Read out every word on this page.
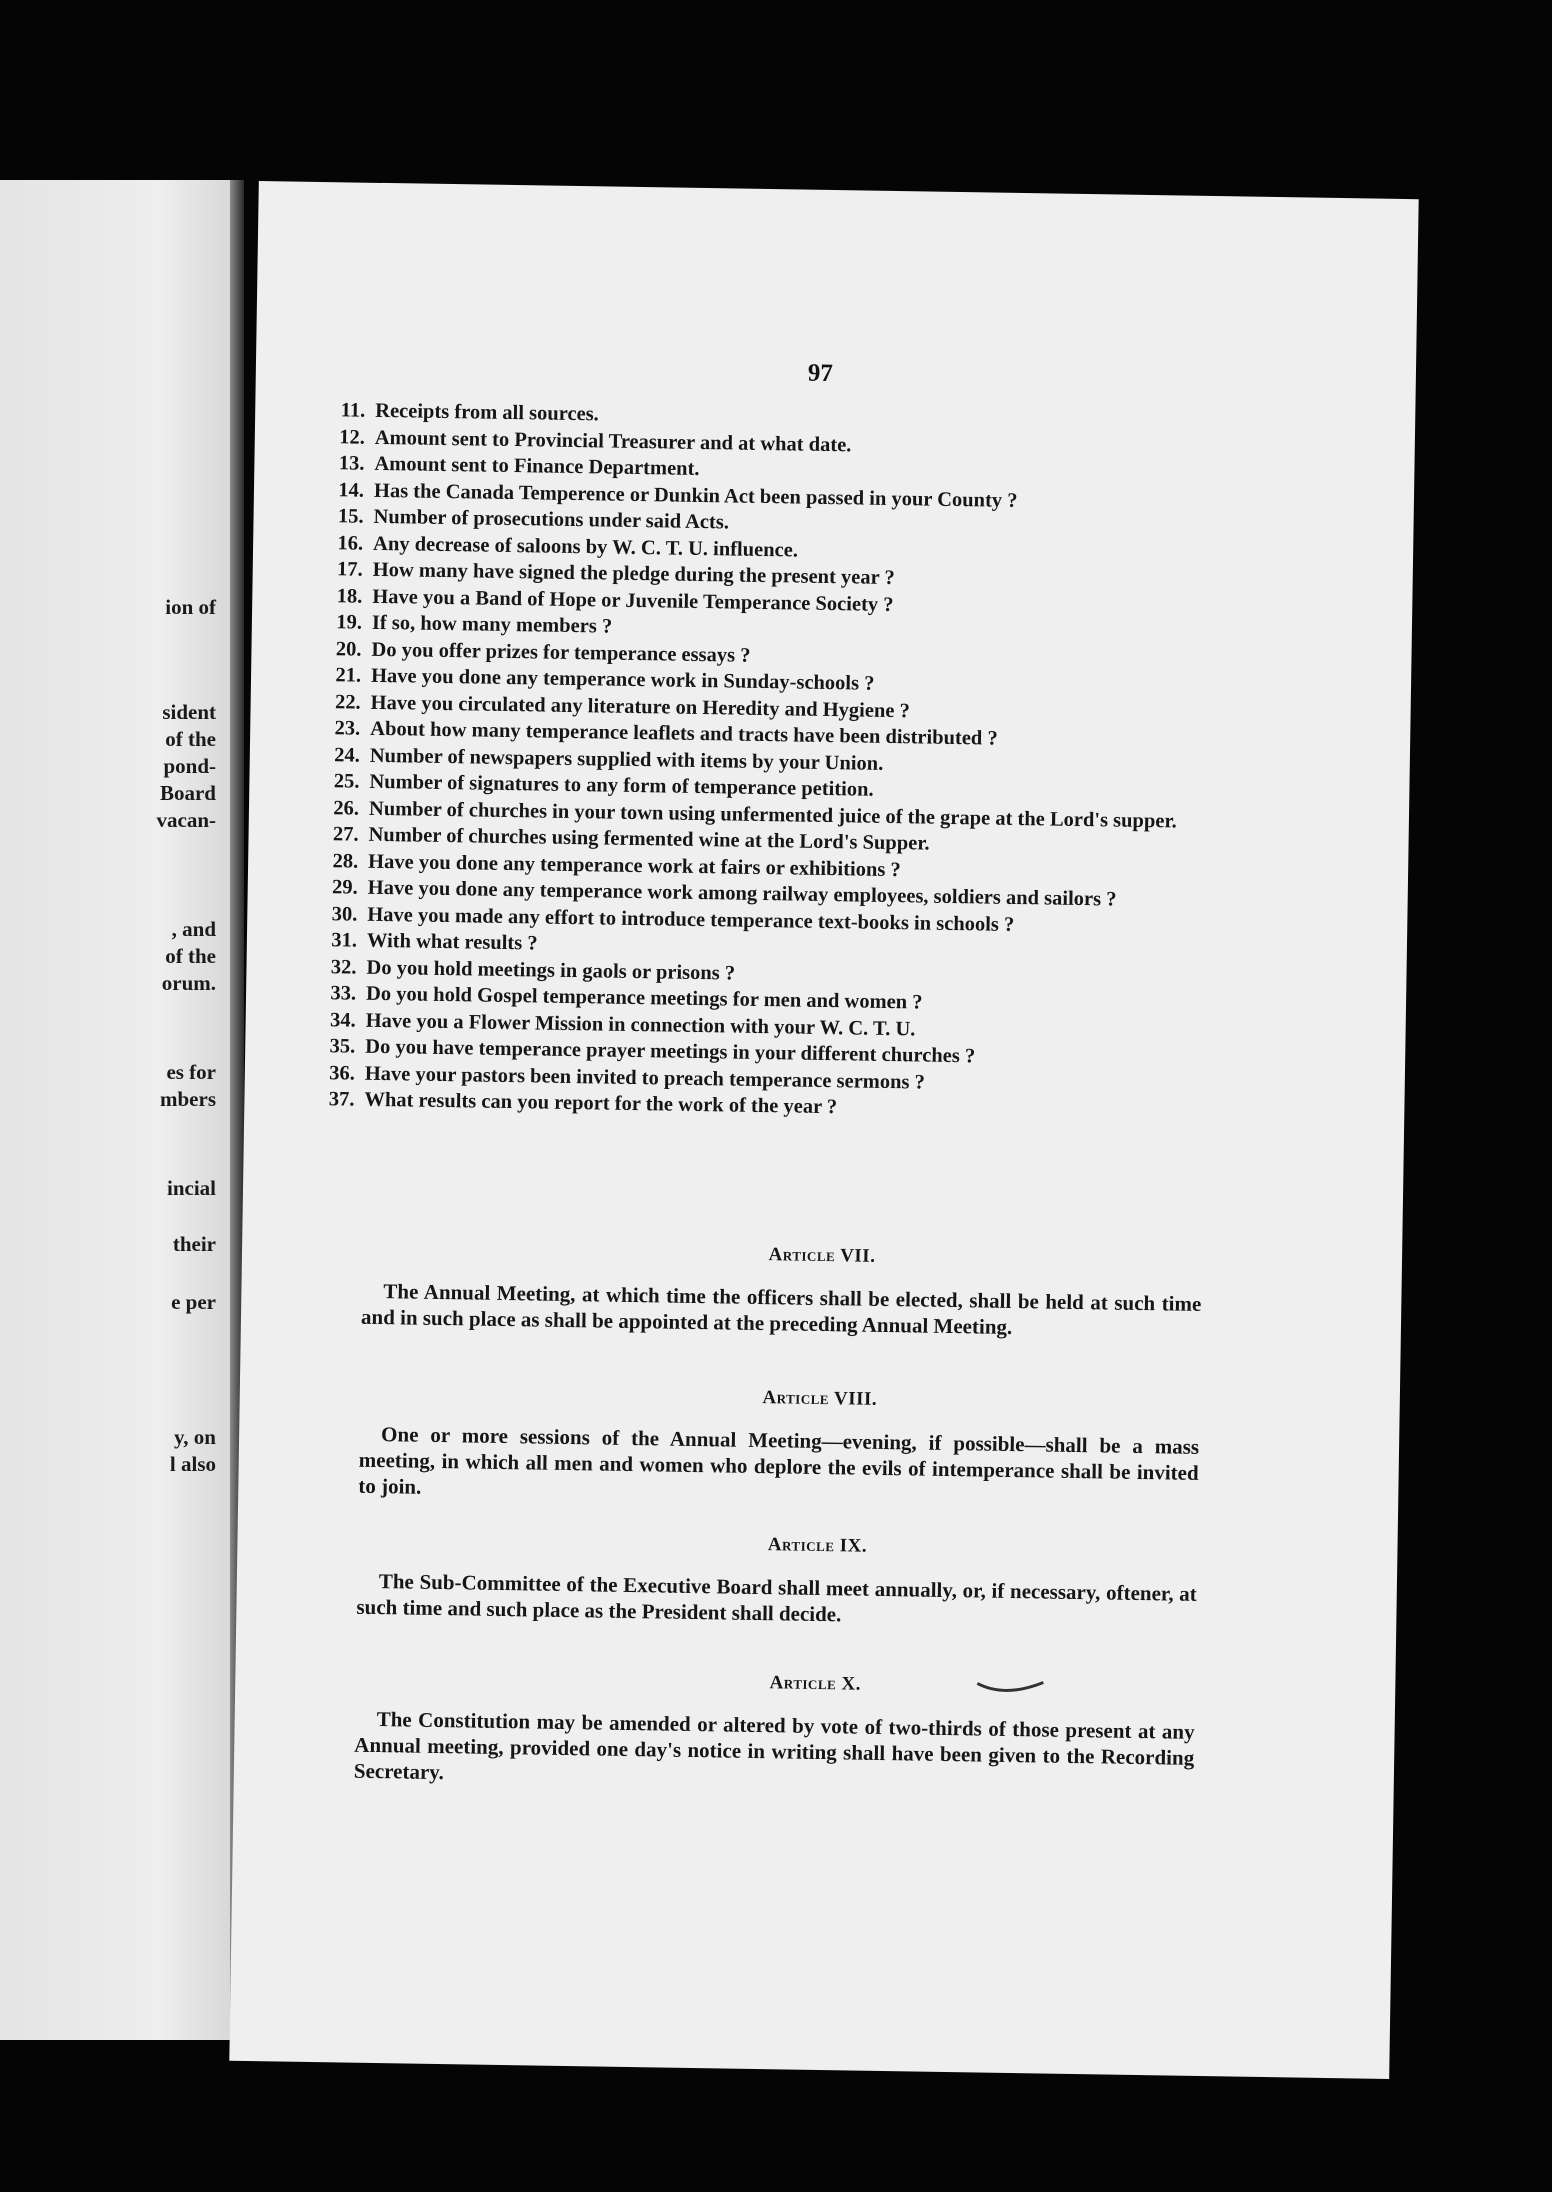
ion of
sident
of the
pond-
Board
vacan-
, and
of the
orum.
es for
mbers
incial
their
e per
y, on
l also
97
11. Receipts from all sources.
12. Amount sent to Provincial Treasurer and at what date.
13. Amount sent to Finance Department.
14. Has the Canada Temperence or Dunkin Act been passed in your County ?
15. Number of prosecutions under said Acts.
16. Any decrease of saloons by W. C. T. U. influence.
17. How many have signed the pledge during the present year ?
18. Have you a Band of Hope or Juvenile Temperance Society ?
19. If so, how many members ?
20. Do you offer prizes for temperance essays ?
21. Have you done any temperance work in Sunday-schools ?
22. Have you circulated any literature on Heredity and Hygiene ?
23. About how many temperance leaflets and tracts have been distributed ?
24. Number of newspapers supplied with items by your Union.
25. Number of signatures to any form of temperance petition.
26. Number of churches in your town using unfermented juice of the grape at the Lord's supper.
27. Number of churches using fermented wine at the Lord's Supper.
28. Have you done any temperance work at fairs or exhibitions ?
29. Have you done any temperance work among railway employees, soldiers and sailors ?
30. Have you made any effort to introduce temperance text-books in schools ?
31. With what results ?
32. Do you hold meetings in gaols or prisons ?
33. Do you hold Gospel temperance meetings for men and women ?
34. Have you a Flower Mission in connection with your W. C. T. U.
35. Do you have temperance prayer meetings in your different churches ?
36. Have your pastors been invited to preach temperance sermons ?
37. What results can you report for the work of the year ?
Article VII.

The Annual Meeting, at which time the officers shall be elected, shall be held at such time and in such place as shall be appointed at the preceding Annual Meeting.

Article VIII.

One or more sessions of the Annual Meeting—evening, if possible—shall be a mass meeting, in which all men and women who deplore the evils of intemperance shall be invited to join.

Article IX.

The Sub-Committee of the Executive Board shall meet annually, or, if necessary, oftener, at such time and such place as the President shall decide.

Article X.

The Constitution may be amended or altered by vote of two-thirds of those present at any Annual meeting, provided one day's notice in writing shall have been given to the Recording Secretary.
